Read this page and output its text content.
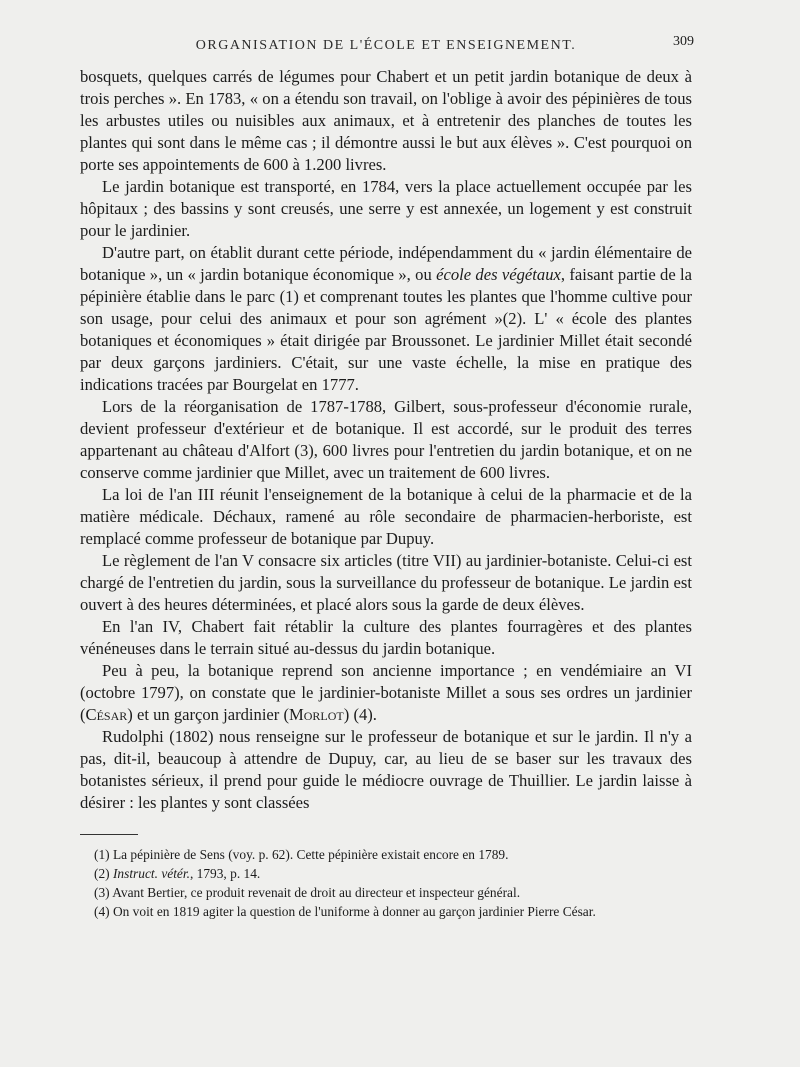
ORGANISATION DE L'ÉCOLE ET ENSEIGNEMENT.	309

bosquets, quelques carrés de légumes pour Chabert et un petit jardin botanique de deux à trois perches ». En 1783, « on a étendu son travail, on l'oblige à avoir des pépinières de tous les arbustes utiles ou nuisibles aux animaux, et à entretenir des planches de toutes les plantes qui sont dans le même cas ; il démontre aussi le but aux élèves ». C'est pourquoi on porte ses appointements de 600 à 1.200 livres.

Le jardin botanique est transporté, en 1784, vers la place actuellement occupée par les hôpitaux ; des bassins y sont creusés, une serre y est annexée, un logement y est construit pour le jardinier.

D'autre part, on établit durant cette période, indépendamment du « jardin élémentaire de botanique », un « jardin botanique économique », ou école des végétaux, faisant partie de la pépinière établie dans le parc (1) et comprenant toutes les plantes que l'homme cultive pour son usage, pour celui des animaux et pour son agrément »(2). L' « école des plantes botaniques et économiques » était dirigée par Broussonet. Le jardinier Millet était secondé par deux garçons jardiniers. C'était, sur une vaste échelle, la mise en pratique des indications tracées par Bourgelat en 1777.

Lors de la réorganisation de 1787-1788, Gilbert, sous-professeur d'économie rurale, devient professeur d'extérieur et de botanique. Il est accordé, sur le produit des terres appartenant au château d'Alfort (3), 600 livres pour l'entretien du jardin botanique, et on ne conserve comme jardinier que Millet, avec un traitement de 600 livres.

La loi de l'an III réunit l'enseignement de la botanique à celui de la pharmacie et de la matière médicale. Déchaux, ramené au rôle secondaire de pharmacien-herboriste, est remplacé comme professeur de botanique par Dupuy.

Le règlement de l'an V consacre six articles (titre VII) au jardinier-botaniste. Celui-ci est chargé de l'entretien du jardin, sous la surveillance du professeur de botanique. Le jardin est ouvert à des heures déterminées, et placé alors sous la garde de deux élèves.

En l'an IV, Chabert fait rétablir la culture des plantes fourragères et des plantes vénéneuses dans le terrain situé au-dessus du jardin botanique.

Peu à peu, la botanique reprend son ancienne importance ; en vendémiaire an VI (octobre 1797), on constate que le jardinier-botaniste Millet a sous ses ordres un jardinier (César) et un garçon jardinier (Morlot) (4).

Rudolphi (1802) nous renseigne sur le professeur de botanique et sur le jardin. Il n'y a pas, dit-il, beaucoup à attendre de Dupuy, car, au lieu de se baser sur les travaux des botanistes sérieux, il prend pour guide le médiocre ouvrage de Thuillier. Le jardin laisse à désirer : les plantes y sont classées

(1) La pépinière de Sens (voy. p. 62). Cette pépinière existait encore en 1789.

(2) Instruct. vétér., 1793, p. 14.

(3) Avant Bertier, ce produit revenait de droit au directeur et inspecteur général.

(4) On voit en 1819 agiter la question de l'uniforme à donner au garçon jardinier Pierre César.
